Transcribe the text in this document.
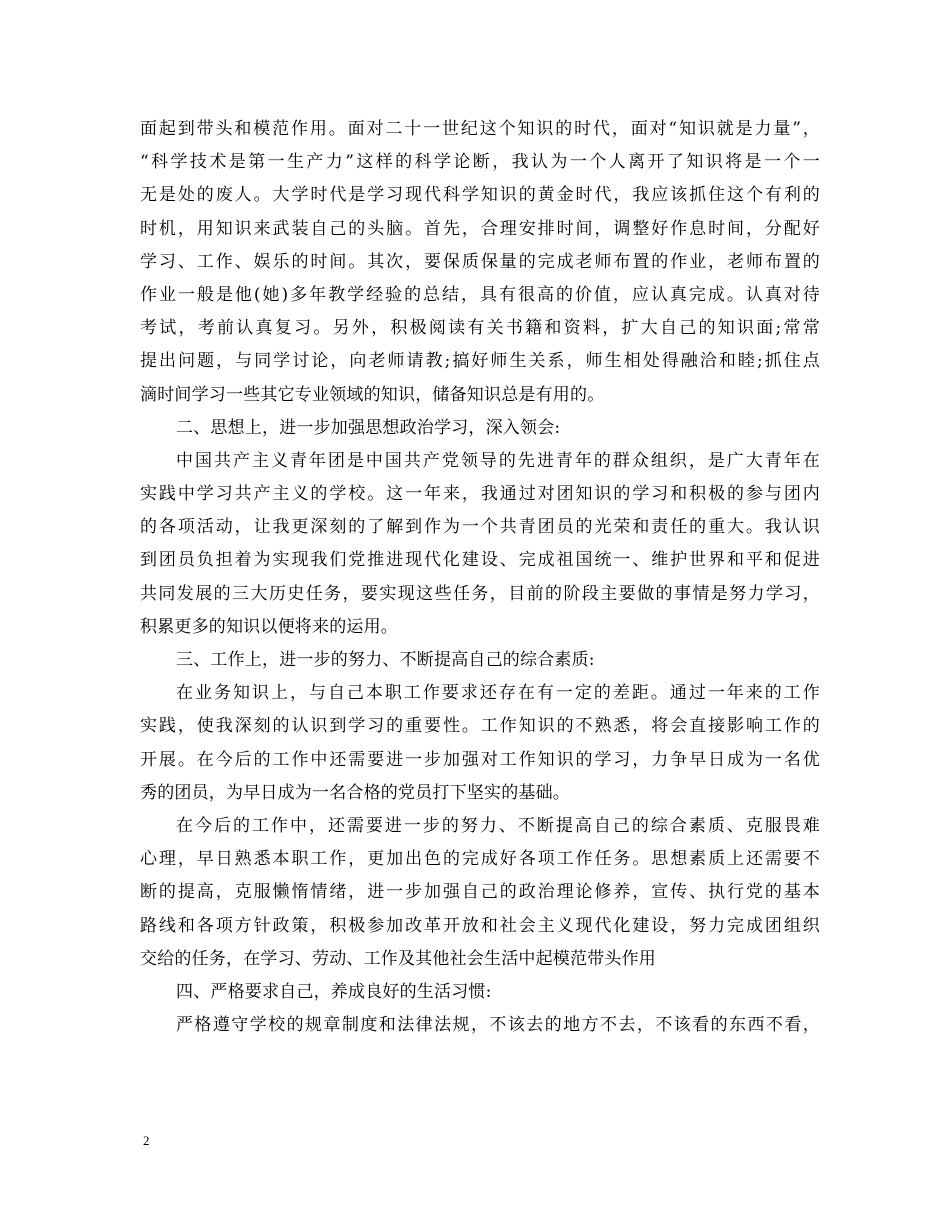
面起到带头和模范作用。面对二十一世纪这个知识的时代，面对“知识就是力量”，
“科学技术是第一生产力”这样的科学论断，我认为一个人离开了知识将是一个一
无是处的废人。大学时代是学习现代科学知识的黄金时代，我应该抓住这个有利的
时机，用知识来武装自己的头脑。首先，合理安排时间，调整好作息时间，分配好
学习、工作、娱乐的时间。其次，要保质保量的完成老师布置的作业，老师布置的
作业一般是他(她)多年教学经验的总结，具有很高的价值，应认真完成。认真对待
考试，考前认真复习。另外，积极阅读有关书籍和资料，扩大自己的知识面;常常
提出问题，与同学讨论，向老师请教;搞好师生关系，师生相处得融洽和睦;抓住点
滴时间学习一些其它专业领域的知识，储备知识总是有用的。
二、思想上，进一步加强思想政治学习，深入领会:
中国共产主义青年团是中国共产党领导的先进青年的群众组织，是广大青年在
实践中学习共产主义的学校。这一年来，我通过对团知识的学习和积极的参与团内
的各项活动，让我更深刻的了解到作为一个共青团员的光荣和责任的重大。我认识
到团员负担着为实现我们党推进现代化建设、完成祖国统一、维护世界和平和促进
共同发展的三大历史任务，要实现这些任务，目前的阶段主要做的事情是努力学习，
积累更多的知识以便将来的运用。
三、工作上，进一步的努力、不断提高自己的综合素质:
在业务知识上，与自己本职工作要求还存在有一定的差距。通过一年来的工作
实践，使我深刻的认识到学习的重要性。工作知识的不熟悉，将会直接影响工作的
开展。在今后的工作中还需要进一步加强对工作知识的学习，力争早日成为一名优
秀的团员，为早日成为一名合格的党员打下坚实的基础。
在今后的工作中，还需要进一步的努力、不断提高自己的综合素质、克服畏难
心理，早日熟悉本职工作，更加出色的完成好各项工作任务。思想素质上还需要不
断的提高，克服懒惰情绪，进一步加强自己的政治理论修养，宣传、执行党的基本
路线和各项方针政策，积极参加改革开放和社会主义现代化建设，努力完成团组织
交给的任务，在学习、劳动、工作及其他社会生活中起模范带头作用
四、严格要求自己，养成良好的生活习惯:
严格遵守学校的规章制度和法律法规，不该去的地方不去，不该看的东西不看，
2
